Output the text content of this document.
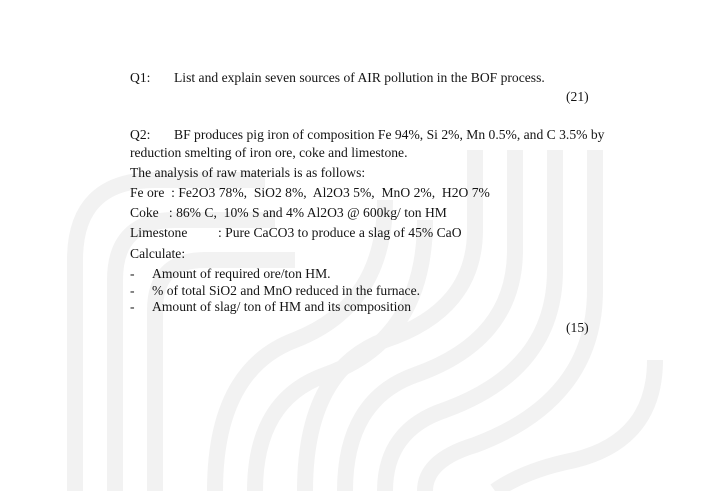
Q1: List and explain seven sources of AIR pollution in the BOF process.
(21)
Q2: BF produces pig iron of composition Fe 94%, Si 2%, Mn 0.5%, and C 3.5% by
reduction smelting of iron ore, coke and limestone.
The analysis of raw materials is as follows:
Fe ore  : Fe2O3 78%,  SiO2 8%,  Al2O3 5%,  MnO 2%,  H2O 7%
Coke   : 86% C,  10% S and 4% Al2O3 @ 600kg/ ton HM
Limestone : Pure CaCO3 to produce a slag of 45% CaO
Calculate:
- Amount of required ore/ton HM.
- % of total SiO2 and MnO reduced in the furnace.
- Amount of slag/ ton of HM and its composition
(15)
